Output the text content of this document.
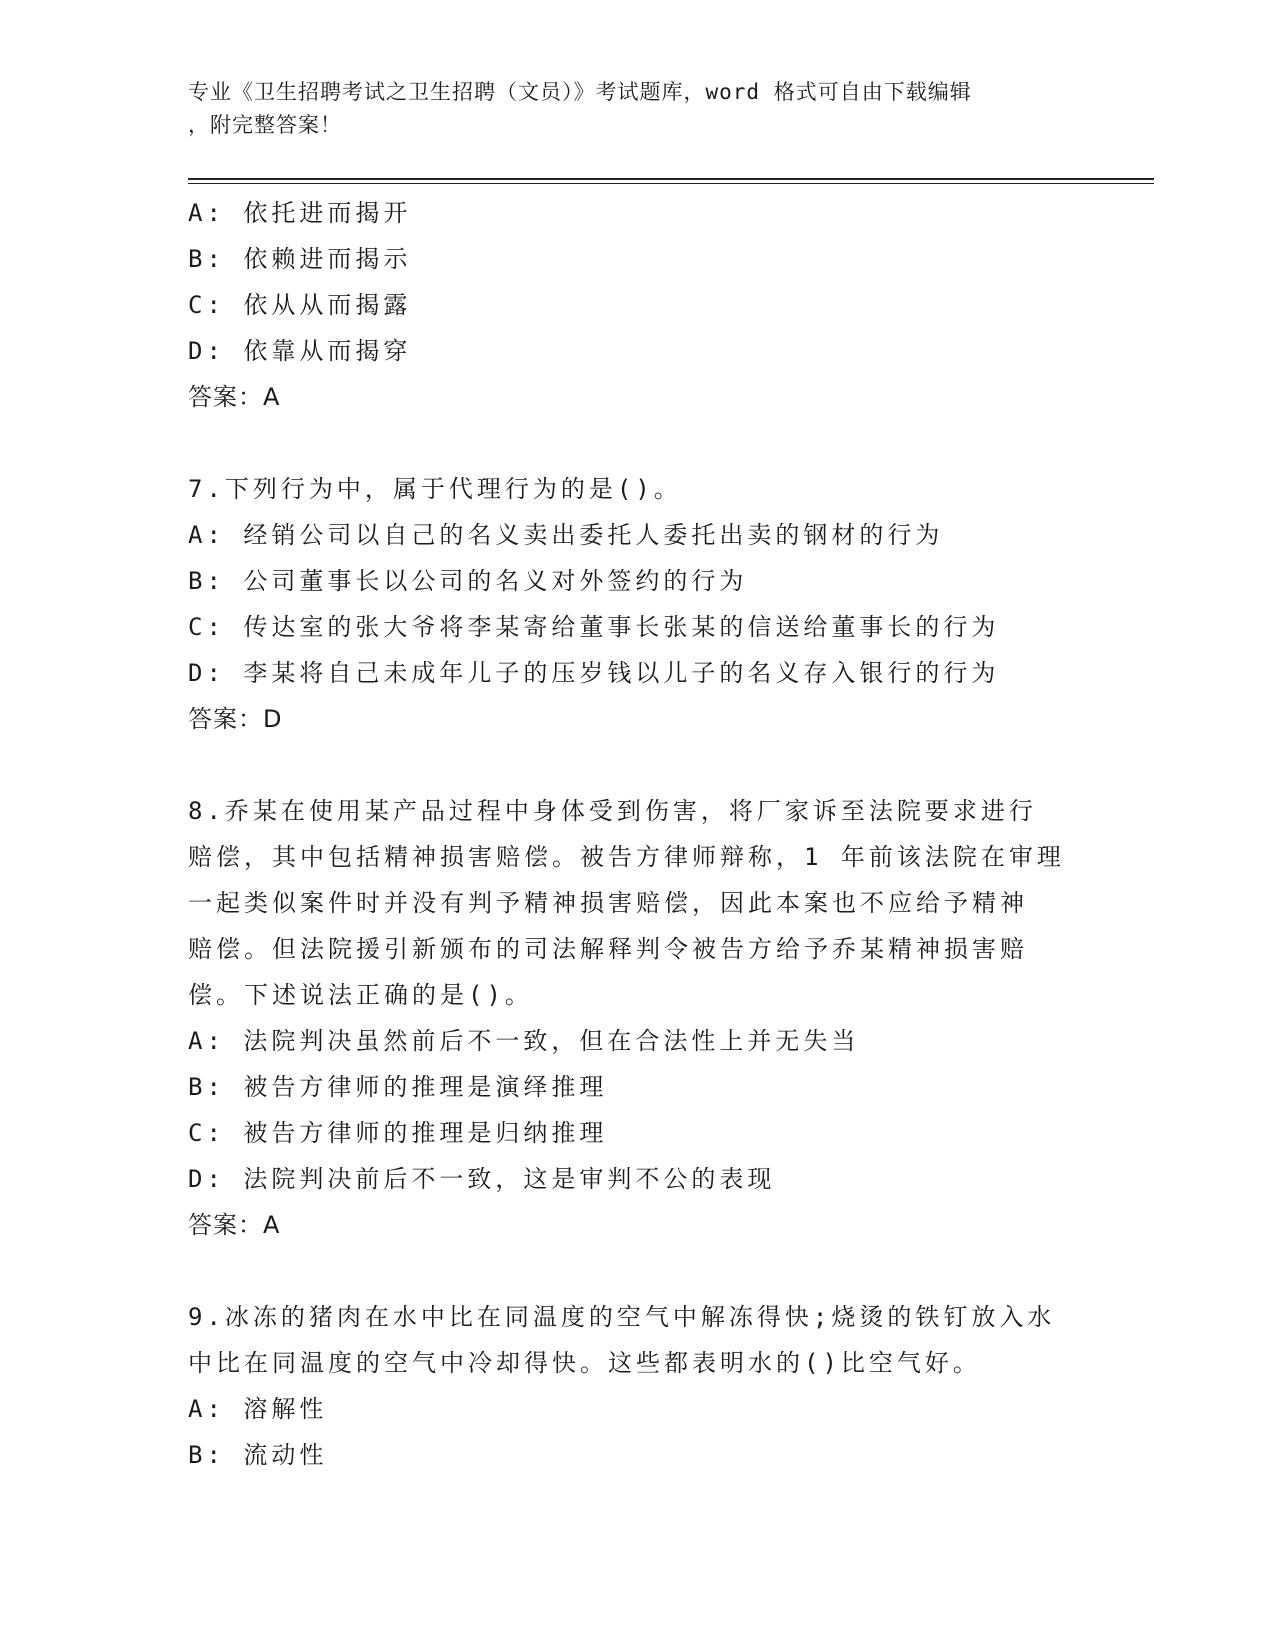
专业《卫生招聘考试之卫生招聘（文员）》考试题库，word 格式可自由下载编辑
，附完整答案！
A: 依托进而揭开
B: 依赖进而揭示
C: 依从从而揭露
D: 依靠从而揭穿
答案：A
7.下列行为中，属于代理行为的是()。
A: 经销公司以自己的名义卖出委托人委托出卖的钢材的行为
B: 公司董事长以公司的名义对外签约的行为
C: 传达室的张大爷将李某寄给董事长张某的信送给董事长的行为
D: 李某将自己未成年儿子的压岁钱以儿子的名义存入银行的行为
答案：D
8.乔某在使用某产品过程中身体受到伤害，将厂家诉至法院要求进行
赔偿，其中包括精神损害赔偿。被告方律师辩称，1 年前该法院在审理
一起类似案件时并没有判予精神损害赔偿，因此本案也不应给予精神
赔偿。但法院援引新颁布的司法解释判令被告方给予乔某精神损害赔
偿。下述说法正确的是()。
A: 法院判决虽然前后不一致，但在合法性上并无失当
B: 被告方律师的推理是演绎推理
C: 被告方律师的推理是归纳推理
D: 法院判决前后不一致，这是审判不公的表现
答案：A
9.冰冻的猪肉在水中比在同温度的空气中解冻得快;烧烫的铁钉放入水
中比在同温度的空气中冷却得快。这些都表明水的()比空气好。
A: 溶解性
B: 流动性
